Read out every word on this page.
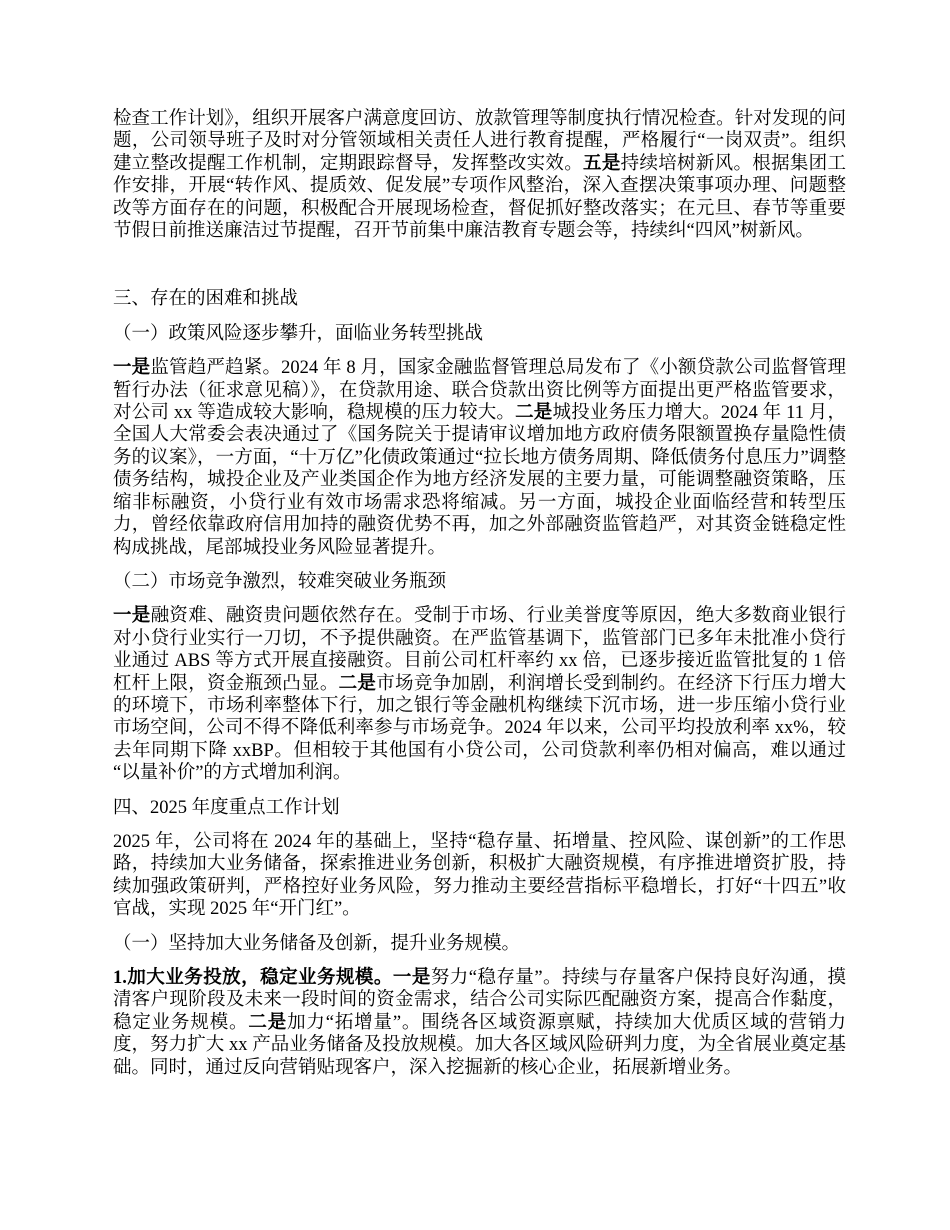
检查工作计划》，组织开展客户满意度回访、放款管理等制度执行情况检查。针对发现的问题，公司领导班子及时对分管领域相关责任人进行教育提醒，严格履行“一岗双责”。组织建立整改提醒工作机制，定期跟踪督导，发挥整改实效。五是持续培树新风。根据集团工作安排，开展“转作风、提质效、促发展”专项作风整治，深入查摆决策事项办理、问题整改等方面存在的问题，积极配合开展现场检查，督促抓好整改落实；在元旦、春节等重要节假日前推送廉洁过节提醒，召开节前集中廉洁教育专题会等，持续纠“四风”树新风。

三、存在的困难和挑战

（一）政策风险逐步攀升，面临业务转型挑战

一是监管趋严趋紧。2024 年 8 月，国家金融监督管理总局发布了《小额贷款公司监督管理暂行办法（征求意见稿）》，在贷款用途、联合贷款出资比例等方面提出更严格监管要求，对公司 xx 等造成较大影响，稳规模的压力较大。二是城投业务压力增大。2024 年 11 月，全国人大常委会表决通过了《国务院关于提请审议增加地方政府债务限额置换存量隐性债务的议案》，一方面，“十万亿”化债政策通过“拉长地方债务周期、降低债务付息压力”调整债务结构，城投企业及产业类国企作为地方经济发展的主要力量，可能调整融资策略，压缩非标融资，小贷行业有效市场需求恐将缩减。另一方面，城投企业面临经营和转型压力，曾经依靠政府信用加持的融资优势不再，加之外部融资监管趋严，对其资金链稳定性构成挑战，尾部城投业务风险显著提升。

（二）市场竞争激烈，较难突破业务瓶颈

一是融资难、融资贵问题依然存在。受制于市场、行业美誉度等原因，绝大多数商业银行对小贷行业实行一刀切，不予提供融资。在严监管基调下，监管部门已多年未批准小贷行业通过 ABS 等方式开展直接融资。目前公司杠杆率约 xx 倍，已逐步接近监管批复的 1 倍杠杆上限，资金瓶颈凸显。二是市场竞争加剧，利润增长受到制约。在经济下行压力增大的环境下，市场利率整体下行，加之银行等金融机构继续下沉市场，进一步压缩小贷行业市场空间，公司不得不降低利率参与市场竞争。2024 年以来，公司平均投放利率 xx%，较去年同期下降 xxBP。但相较于其他国有小贷公司，公司贷款利率仍相对偏高，难以通过“以量补价”的方式增加利润。

四、2025 年度重点工作计划

2025 年，公司将在 2024 年的基础上，坚持“稳存量、拓增量、控风险、谋创新”的工作思路，持续加大业务储备，探索推进业务创新，积极扩大融资规模，有序推进增资扩股，持续加强政策研判，严格控好业务风险，努力推动主要经营指标平稳增长，打好“十四五”收官战，实现 2025 年“开门红”。

（一）坚持加大业务储备及创新，提升业务规模。

1.加大业务投放，稳定业务规模。一是努力“稳存量”。持续与存量客户保持良好沟通，摸清客户现阶段及未来一段时间的资金需求，结合公司实际匹配融资方案，提高合作黏度，稳定业务规模。二是加力“拓增量”。围绕各区域资源禀赋，持续加大优质区域的营销力度，努力扩大 xx 产品业务储备及投放规模。加大各区域风险研判力度，为全省展业奠定基础。同时，通过反向营销贴现客户，深入挖掘新的核心企业，拓展新增业务。
